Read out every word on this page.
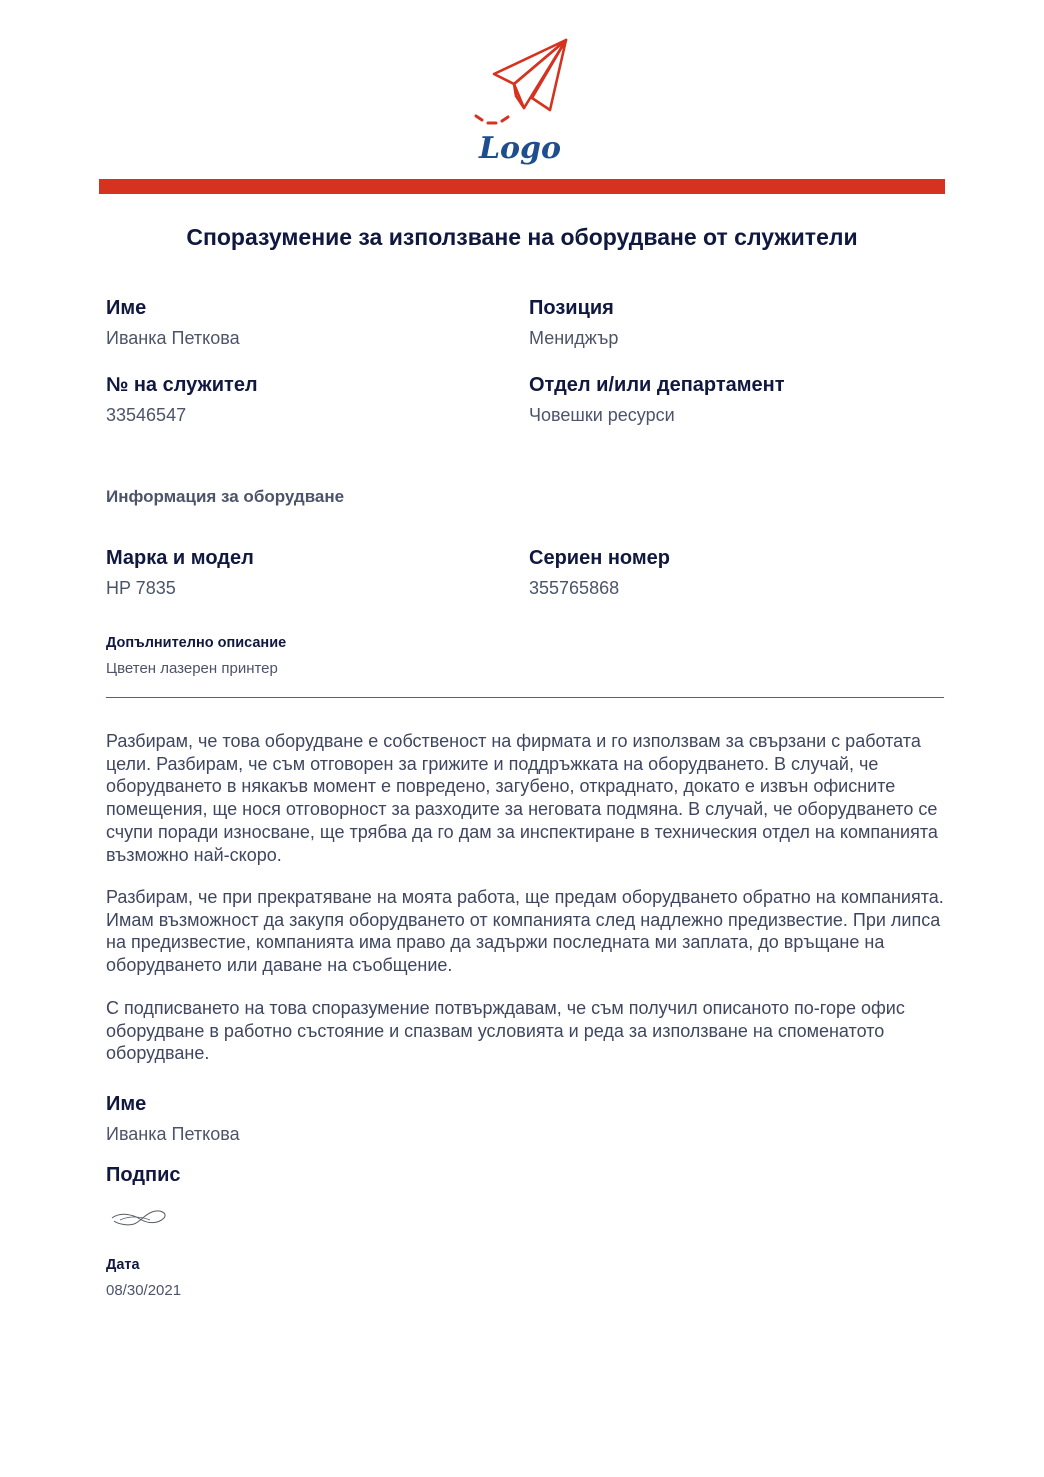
Logo
Споразумение за използване на оборудване от служители
Име
Иванка Петкова
Позиция
Мениджър
№ на служител
33546547
Отдел и/или департамент
Човешки ресурси
Информация за оборудване
Марка и модел
HP 7835
Сериен номер
355765868
Допълнително описание
Цветен лазерен принтер

Разбирам, че това оборудване е собственост на фирмата и го използвам за свързани с работата цели. Разбирам, че съм отговорен за грижите и поддръжката на оборудването. В случай, че оборудването в някакъв момент е повредено, загубено, откраднато, докато е извън офисните помещения, ще нося отговорност за разходите за неговата подмяна. В случай, че оборудването се счупи поради износване, ще трябва да го дам за инспектиране в техническия отдел на компанията възможно най-скоро.

Разбирам, че при прекратяване на моята работа, ще предам оборудването обратно на компанията. Имам възможност да закупя оборудването от компанията след надлежно предизвестие. При липса на предизвестие, компанията има право да задържи последната ми заплата, до връщане на оборудването или даване на съобщение.

С подписването на това споразумение потвърждавам, че съм получил описаното по-горе офис оборудване в работно състояние и спазвам условията и реда за използване на споменатото оборудване.

Име
Иванка Петкова
Подпис
Дата
08/30/2021
